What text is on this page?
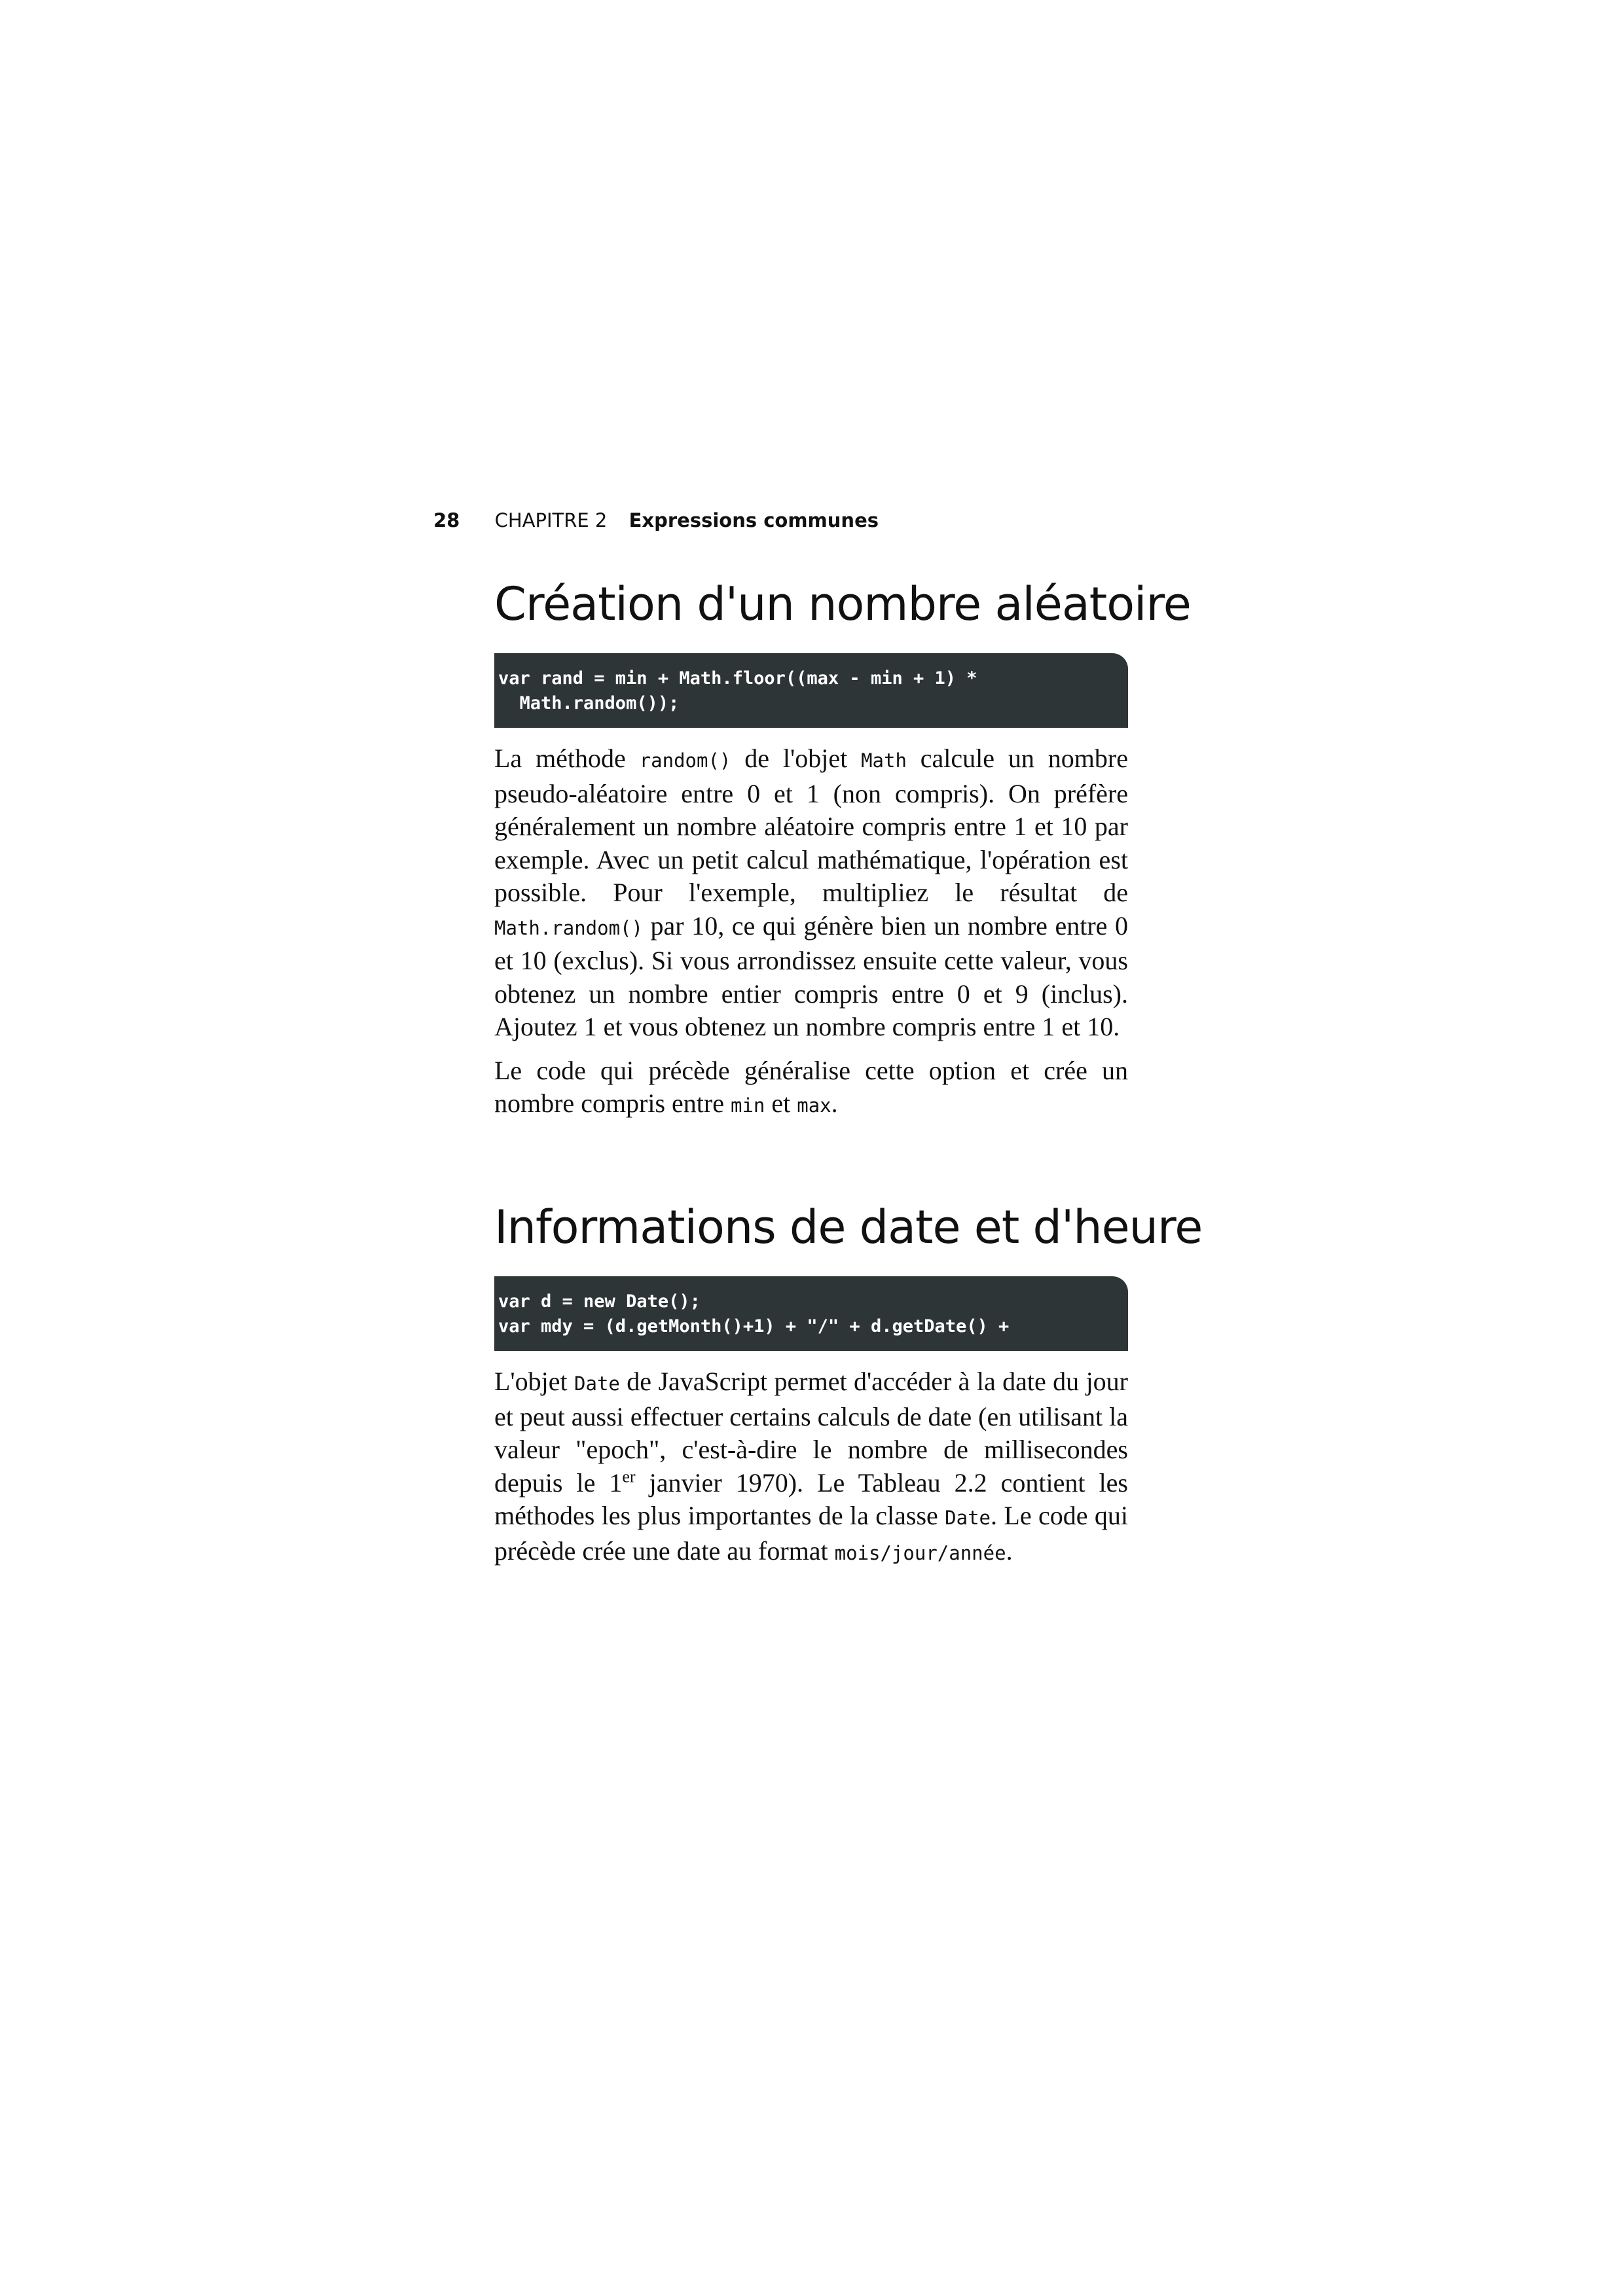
28 CHAPITRE 2 Expressions communes
Création d'un nombre aléatoire
var rand = min + Math.floor((max - min + 1) *
Math.random());

La méthode random() de l'objet Math calcule un nombre pseudo-aléatoire entre 0 et 1 (non compris). On préfère généralement un nombre aléatoire compris entre 1 et 10 par exemple. Avec un petit calcul mathématique, l'opération est possible. Pour l'exemple, multipliez le résultat de Math.random() par 10, ce qui génère bien un nombre entre 0 et 10 (exclus). Si vous arrondissez ensuite cette valeur, vous obtenez un nombre entier compris entre 0 et 9 (inclus). Ajoutez 1 et vous obtenez un nombre compris entre 1 et 10.

Le code qui précède généralise cette option et crée un nombre compris entre min et max.

Informations de date et d'heure
var d = new Date();
var mdy = (d.getMonth()+1) + "/" + d.getDate() +

L'objet Date de JavaScript permet d'accéder à la date du jour et peut aussi effectuer certains calculs de date (en utilisant la valeur "epoch", c'est-à-dire le nombre de millisecondes depuis le 1er janvier 1970). Le Tableau 2.2 contient les méthodes les plus importantes de la classe Date. Le code qui précède crée une date au format mois/jour/année.
